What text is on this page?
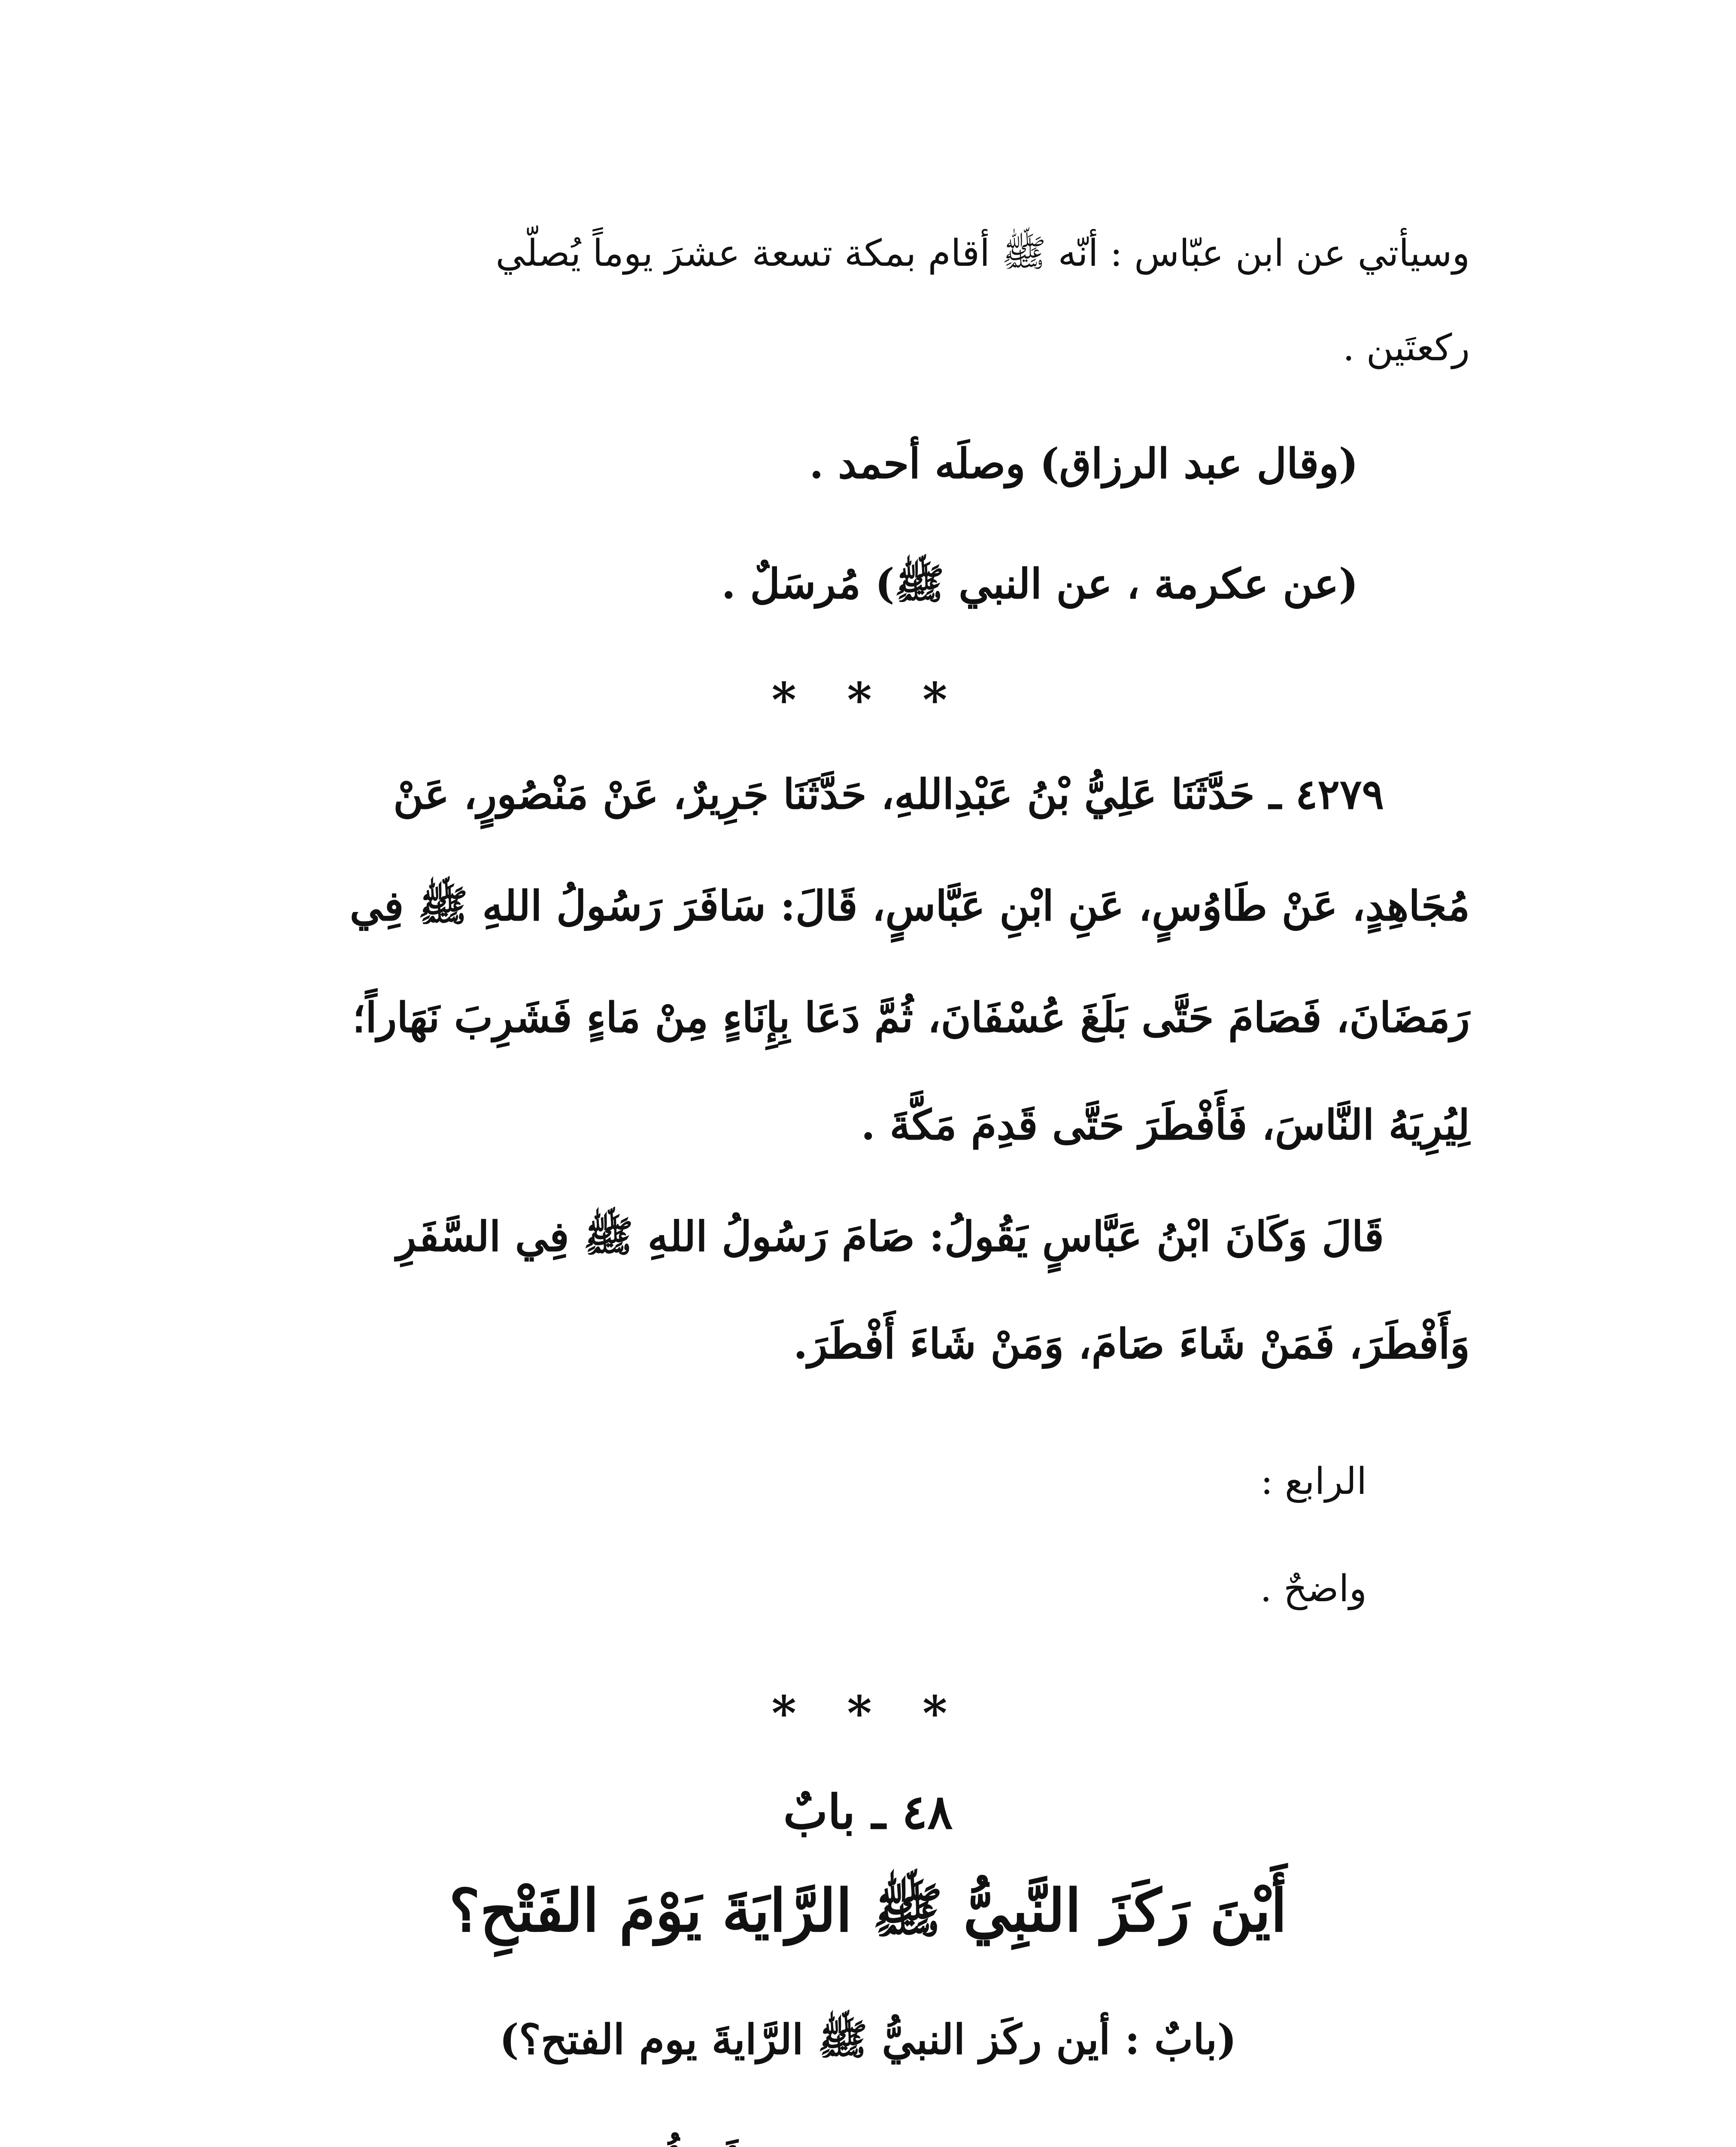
وسيأتي عن ابن عبّاس : أنّه ﷺ أقام بمكة تسعة عشرَ يوماً يُصلّي
ركعتَين .
(وقال عبد الرزاق) وصلَه أحمد .
(عن عكرمة ، عن النبي ﷺ) مُرسَلٌ .
* * *
٤٢٧٩ ـ حَدَّثَنَا عَلِيُّ بْنُ عَبْدِاللهِ، حَدَّثَنَا جَرِيرٌ، عَنْ مَنْصُورٍ، عَنْ
مُجَاهِدٍ، عَنْ طَاوُسٍ، عَنِ ابْنِ عَبَّاسٍ، قَالَ: سَافَرَ رَسُولُ اللهِ ﷺ فِي
رَمَضَانَ، فَصَامَ حَتَّى بَلَغَ عُسْفَانَ، ثُمَّ دَعَا بِإِنَاءٍ مِنْ مَاءٍ فَشَرِبَ نَهَاراً؛
لِيُرِيَهُ النَّاسَ، فَأَفْطَرَ حَتَّى قَدِمَ مَكَّةَ .
قَالَ وَكَانَ ابْنُ عَبَّاسٍ يَقُولُ: صَامَ رَسُولُ اللهِ ﷺ فِي السَّفَرِ
وَأَفْطَرَ، فَمَنْ شَاءَ صَامَ، وَمَنْ شَاءَ أَفْطَرَ.
الرابع :
واضحٌ .
* * *
٤٨ ـ بابٌ
أَيْنَ رَكَزَ النَّبِيُّ ﷺ الرَّايَةَ يَوْمَ الفَتْحِ؟
(بابٌ : أين ركَز النبيُّ ﷺ الرَّايةَ يوم الفتح؟)
